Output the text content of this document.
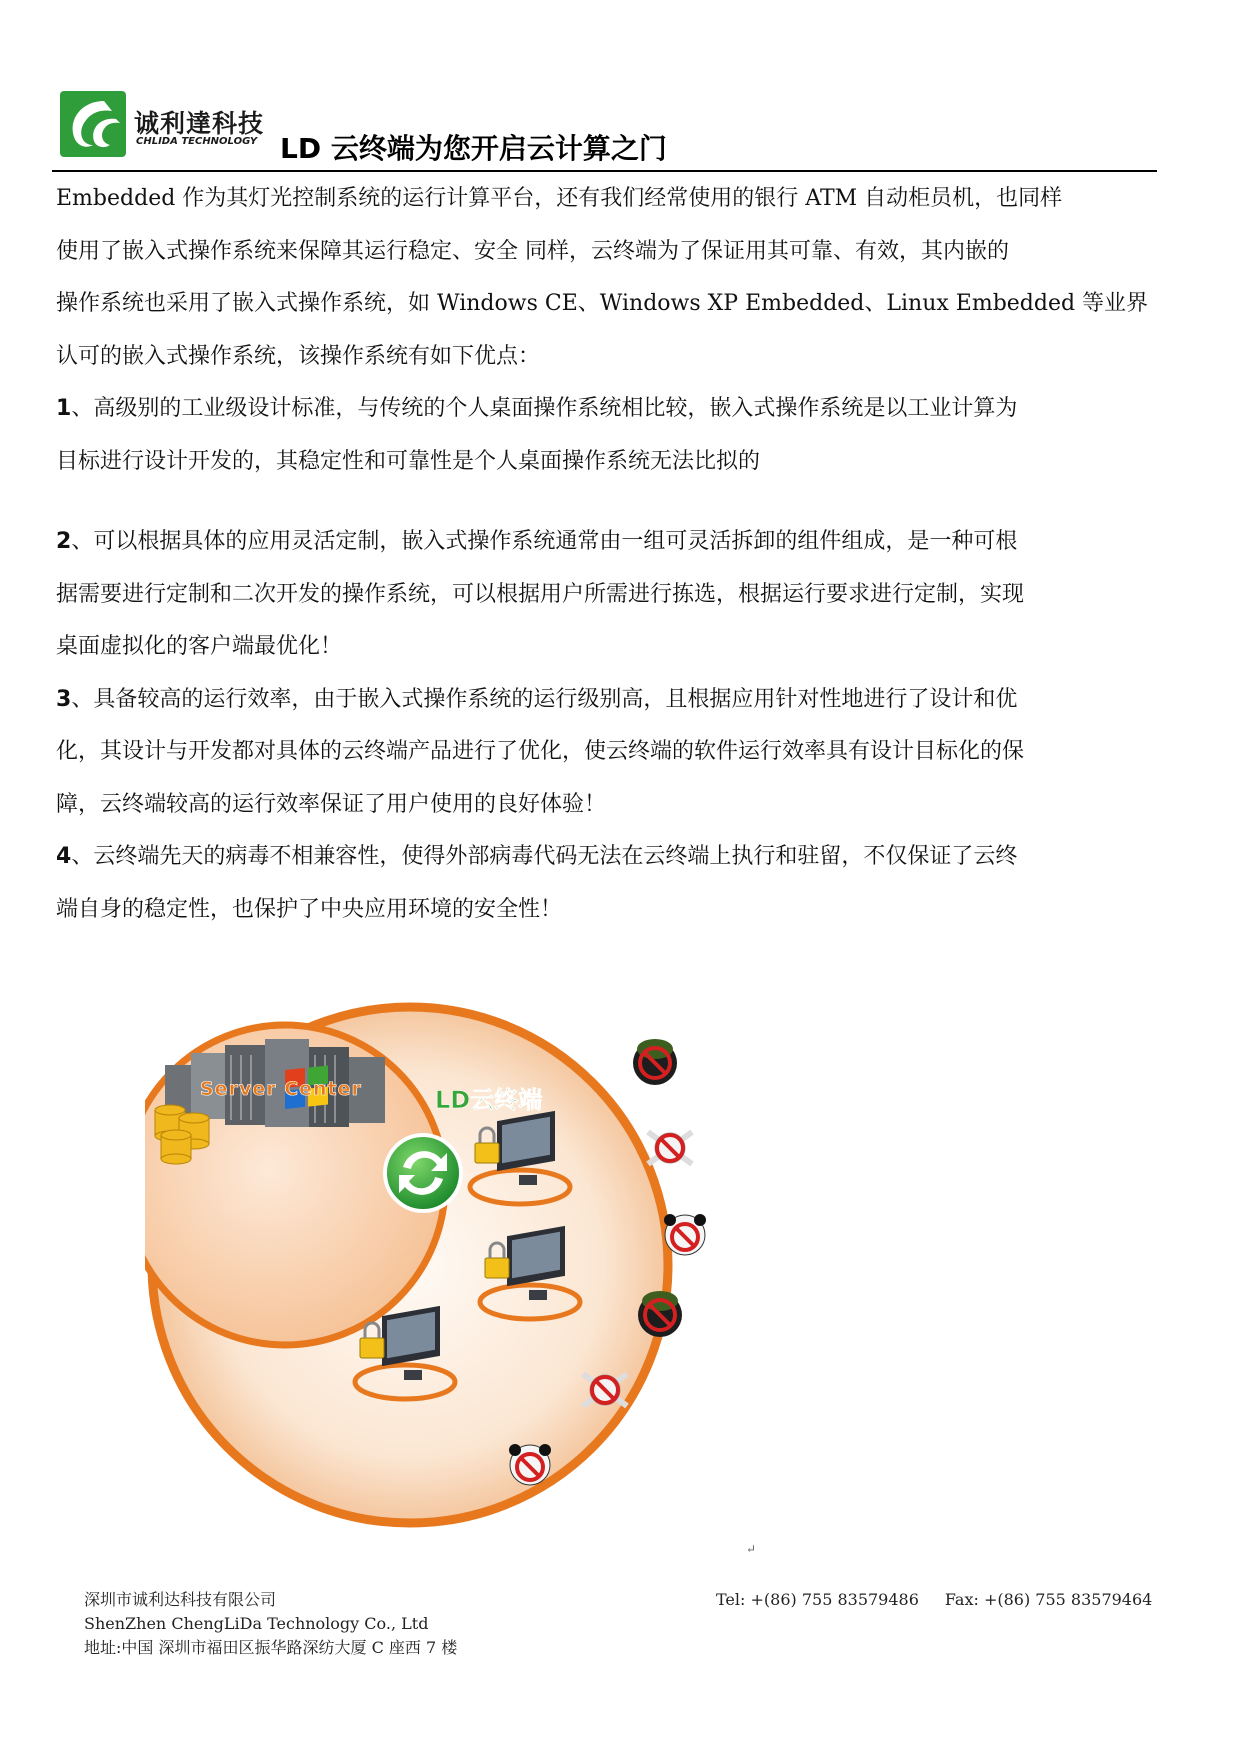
诚利達科技
CHLIDA TECHNOLOGY LD 云终端为您开启云计算之门

Embedded 作为其灯光控制系统的运行计算平台，还有我们经常使用的银行 ATM 自动柜员机，也同样
使用了嵌入式操作系统来保障其运行稳定、安全 同样，云终端为了保证用其可靠、有效，其内嵌的
操作系统也采用了嵌入式操作系统，如 Windows CE、Windows XP Embedded、Linux Embedded 等业界
认可的嵌入式操作系统，该操作系统有如下优点：

1、高级别的工业级设计标准，与传统的个人桌面操作系统相比较，嵌入式操作系统是以工业计算为
目标进行设计开发的，其稳定性和可靠性是个人桌面操作系统无法比拟的

2、可以根据具体的应用灵活定制，嵌入式操作系统通常由一组可灵活拆卸的组件组成，是一种可根
据需要进行定制和二次开发的操作系统，可以根据用户所需进行拣选，根据运行要求进行定制，实现
桌面虚拟化的客户端最优化！

3、具备较高的运行效率，由于嵌入式操作系统的运行级别高，且根据应用针对性地进行了设计和优
化，其设计与开发都对具体的云终端产品进行了优化，使云终端的软件运行效率具有设计目标化的保
障，云终端较高的运行效率保证了用户使用的良好体验！

4、云终端先天的病毒不相兼容性，使得外部病毒代码无法在云终端上执行和驻留，不仅保证了云终
端自身的稳定性，也保护了中央应用环境的安全性！

Server Center	LD云终端
↵
深圳市诚利达科技有限公司
ShenZhen ChengLiDa Technology Co., Ltd
地址:中国 深圳市福田区振华路深纺大厦 C 座西 7 楼
Tel: +(86) 755 83579486 Fax: +(86) 755 83579464
